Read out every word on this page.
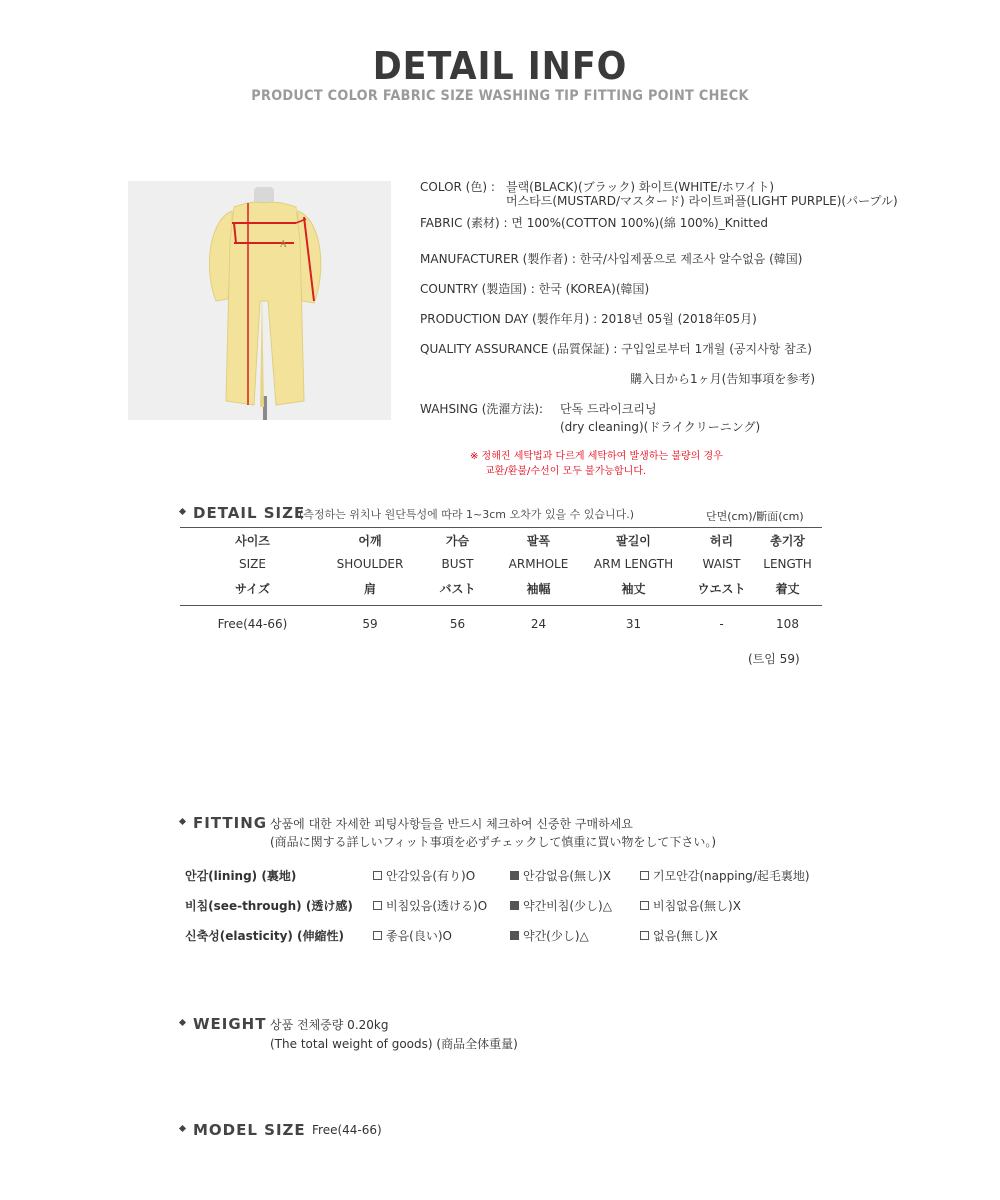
DETAIL INFO
PRODUCT COLOR FABRIC SIZE WASHING TIP FITTING POINT CHECK
A
COLOR (色) : 블랙(BLACK)(ブラック) 화이트(WHITE/ホワイト)
머스타드(MUSTARD/マスタード) 라이트퍼플(LIGHT PURPLE)(パープル)
FABRIC (素材) : 면 100%(COTTON 100%)(綿 100%)_Knitted
MANUFACTURER (製作者) : 한국/사입제품으로 제조사 알수없음 (韓国)
COUNTRY (製造国) : 한국 (KOREA)(韓国)
PRODUCTION DAY (製作年月) : 2018년 05월 (2018年05月)
QUALITY ASSURANCE (品質保証) : 구입일로부터 1개월 (공지사항 참조)
購入日から1ヶ月(告知事項を参考)
WAHSING (洗濯方法): 단독 드라이크리닝
(dry cleaning)(ドライクリーニング)
※ 정해진 세탁법과 다르게 세탁하여 발생하는 불량의 경우
교환/환불/수선이 모두 불가능합니다.
DETAIL SIZE
(측정하는 위치나 원단특성에 따라 1~3cm 오차가 있을 수 있습니다.)	단면(cm)/斷面(cm)
사이즈	어깨	가슴	팔폭	팔길이	허리	총기장
SIZE	SHOULDER	BUST	ARMHOLE	ARM LENGTH	WAIST	LENGTH
サイズ	肩	バスト	袖幅	袖丈	ウエスト	着丈

Free(44-66)	59	56	24	31	-	108
(트임 59)
FITTING 상품에 대한 자세한 피팅사항들을 반드시 체크하여 신중한 구매하세요
(商品に関する詳しいフィット事項を必ずチェックして慎重に買い物をして下さい。)
안감(lining) (裏地)	안감있음(有り)O	안감없음(無し)X	기모안감(napping/起毛裏地)
비침(see-through) (透け感)	비침있음(透ける)O	약간비침(少し)△	비침없음(無し)X
신축성(elasticity) (伸縮性)	좋음(良い)O	약간(少し)△	없음(無し)X
WEIGHT 상품 전체중량 0.20kg
(The total weight of goods) (商品全体重量)
MODEL SIZE Free(44-66)
